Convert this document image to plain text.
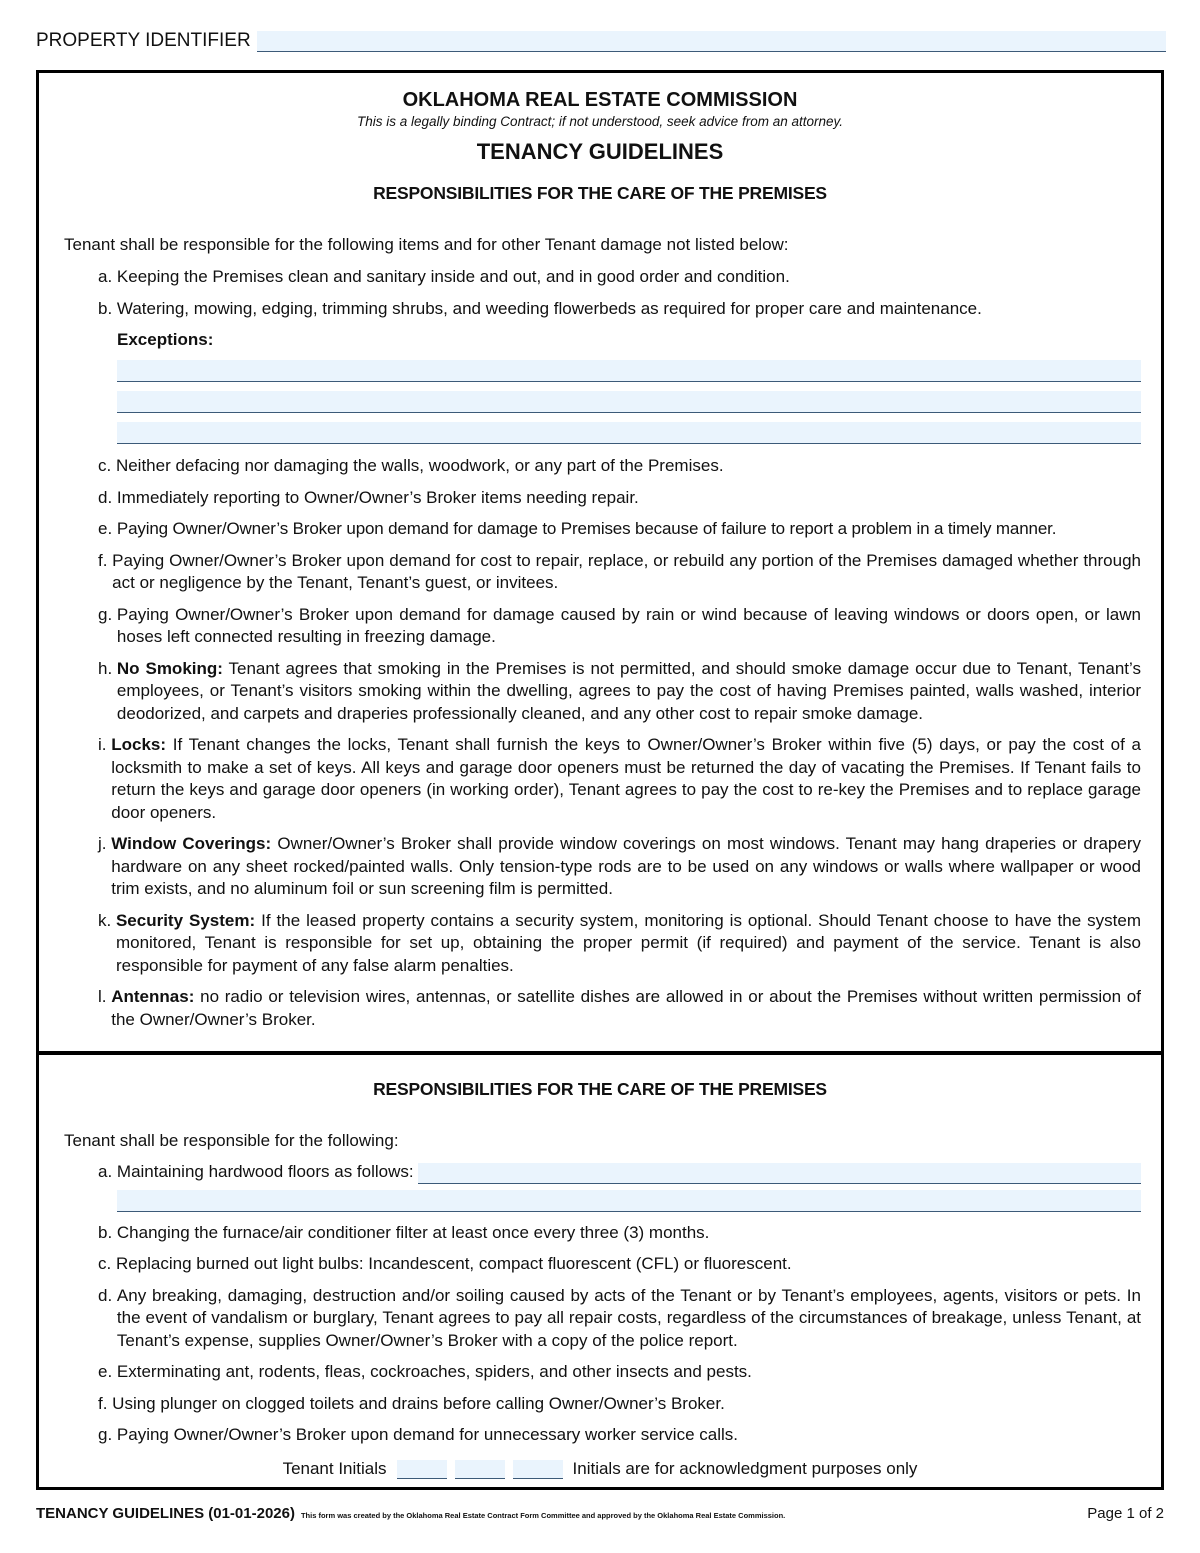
PROPERTY IDENTIFIER
OKLAHOMA REAL ESTATE COMMISSION
This is a legally binding Contract; if not understood, seek advice from an attorney.
TENANCY GUIDELINES
RESPONSIBILITIES FOR THE CARE OF THE PREMISES
Tenant shall be responsible for the following items and for other Tenant damage not listed below:
a. Keeping the Premises clean and sanitary inside and out, and in good order and condition.
b. Watering, mowing, edging, trimming shrubs, and weeding flowerbeds as required for proper care and maintenance.
Exceptions:
c. Neither defacing nor damaging the walls, woodwork, or any part of the Premises.
d. Immediately reporting to Owner/Owner’s Broker items needing repair.
e. Paying Owner/Owner’s Broker upon demand for damage to Premises because of failure to report a problem in a timely manner.
f. Paying Owner/Owner’s Broker upon demand for cost to repair, replace, or rebuild any portion of the Premises damaged whether through act or negligence by the Tenant, Tenant’s guest, or invitees.
g. Paying Owner/Owner’s Broker upon demand for damage caused by rain or wind because of leaving windows or doors open, or lawn hoses left connected resulting in freezing damage.
h. No Smoking: Tenant agrees that smoking in the Premises is not permitted, and should smoke damage occur due to Tenant, Tenant’s employees, or Tenant’s visitors smoking within the dwelling, agrees to pay the cost of having Premises painted, walls washed, interior deodorized, and carpets and draperies professionally cleaned, and any other cost to repair smoke damage.
i. Locks: If Tenant changes the locks, Tenant shall furnish the keys to Owner/Owner’s Broker within five (5) days, or pay the cost of a locksmith to make a set of keys. All keys and garage door openers must be returned the day of vacating the Premises. If Tenant fails to return the keys and garage door openers (in working order), Tenant agrees to pay the cost to re-key the Premises and to replace garage door openers.
j. Window Coverings: Owner/Owner’s Broker shall provide window coverings on most windows. Tenant may hang draperies or drapery hardware on any sheet rocked/painted walls. Only tension-type rods are to be used on any windows or walls where wallpaper or wood trim exists, and no aluminum foil or sun screening film is permitted.
k. Security System: If the leased property contains a security system, monitoring is optional. Should Tenant choose to have the system monitored, Tenant is responsible for set up, obtaining the proper permit (if required) and payment of the service. Tenant is also responsible for payment of any false alarm penalties.
l. Antennas: no radio or television wires, antennas, or satellite dishes are allowed in or about the Premises without written permission of the Owner/Owner’s Broker.
RESPONSIBILITIES FOR THE CARE OF THE PREMISES
Tenant shall be responsible for the following:
a. Maintaining hardwood floors as follows:
b. Changing the furnace/air conditioner filter at least once every three (3) months.
c. Replacing burned out light bulbs: Incandescent, compact fluorescent (CFL) or fluorescent.
d. Any breaking, damaging, destruction and/or soiling caused by acts of the Tenant or by Tenant’s employees, agents, visitors or pets. In the event of vandalism or burglary, Tenant agrees to pay all repair costs, regardless of the circumstances of breakage, unless Tenant, at Tenant’s expense, supplies Owner/Owner’s Broker with a copy of the police report.
e. Exterminating ant, rodents, fleas, cockroaches, spiders, and other insects and pests.
f. Using plunger on clogged toilets and drains before calling Owner/Owner’s Broker.
g. Paying Owner/Owner’s Broker upon demand for unnecessary worker service calls.
Tenant Initials	Initials are for acknowledgment purposes only
TENANCY GUIDELINES (01-01-2026) This form was created by the Oklahoma Real Estate Contract Form Committee and approved by the Oklahoma Real Estate Commission.	Page 1 of 2
